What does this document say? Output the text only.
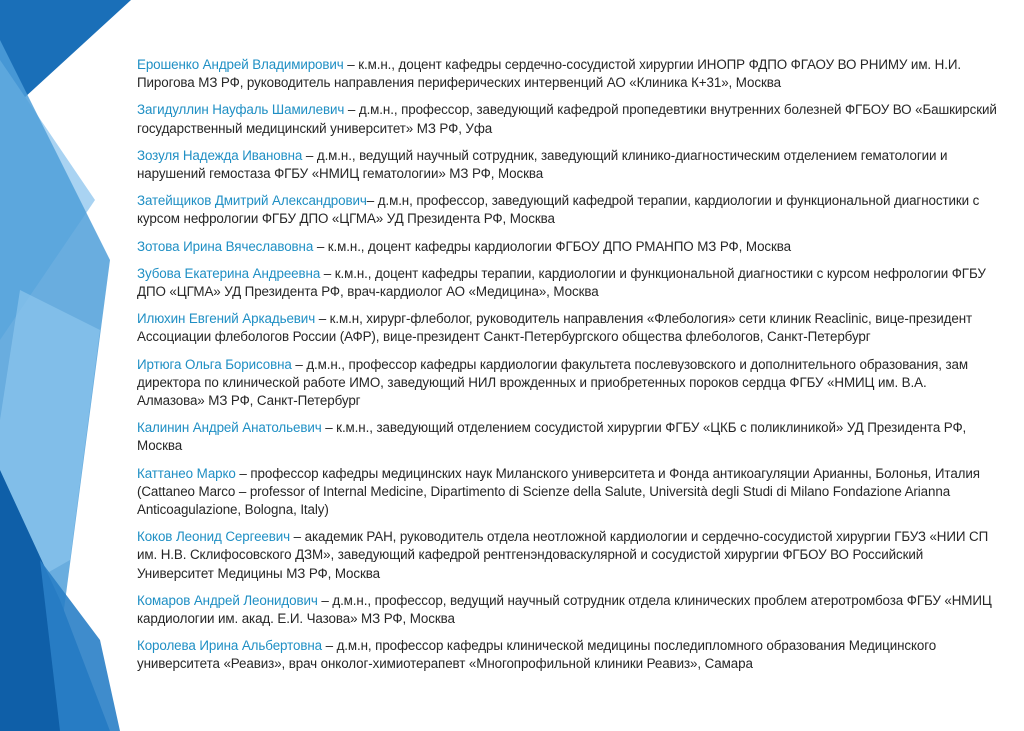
Ерошенко Андрей Владимирович – к.м.н., доцент кафедры сердечно-сосудистой хирургии ИНОПР ФДПО ФГАОУ ВО РНИМУ им. Н.И. Пирогова МЗ РФ, руководитель направления периферических интервенций АО «Клиника К+31», Москва

Загидуллин Науфаль Шамилевич – д.м.н., профессор, заведующий кафедрой пропедевтики внутренних болезней ФГБОУ ВО «Башкирский государственный медицинский университет» МЗ РФ, Уфа

Зозуля Надежда Ивановна – д.м.н., ведущий научный сотрудник, заведующий клинико-диагностическим отделением гематологии и нарушений гемостаза ФГБУ «НМИЦ гематологии» МЗ РФ, Москва

Затейщиков Дмитрий Александрович– д.м.н, профессор, заведующий кафедрой терапии, кардиологии и функциональной диагностики с курсом нефрологии ФГБУ ДПО «ЦГМА» УД Президента РФ, Москва

Зотова Ирина Вячеславовна – к.м.н., доцент кафедры кардиологии ФГБОУ ДПО РМАНПО МЗ РФ, Москва

Зубова Екатерина Андреевна – к.м.н., доцент кафедры терапии, кардиологии и функциональной диагностики с курсом нефрологии ФГБУ ДПО «ЦГМА» УД Президента РФ, врач-кардиолог АО «Медицина», Москва

Илюхин Евгений Аркадьевич – к.м.н, хирург-флеболог, руководитель направления «Флебология» сети клиник Reaclinic, вице-президент Ассоциации флебологов России (АФР), вице-президент Санкт-Петербургского общества флебологов, Санкт-Петербург

Иртюга Ольга Борисовна – д.м.н., профессор кафедры кардиологии факультета послевузовского и дополнительного образования, зам директора по клинической работе ИМО, заведующий НИЛ врожденных и приобретенных пороков сердца ФГБУ «НМИЦ им. В.А. Алмазова» МЗ РФ, Санкт-Петербург

Калинин Андрей Анатольевич – к.м.н., заведующий отделением сосудистой хирургии ФГБУ «ЦКБ с поликлиникой» УД Президента РФ, Москва

Каттанео Марко – профессор кафедры медицинских наук Миланского университета и Фонда антикоагуляции Арианны, Болонья, Италия (Cattaneo Marco – professor of Internal Medicine, Dipartimento di Scienze della Salute, Università degli Studi di Milano Fondazione Arianna Anticoagulazione, Bologna, Italy)

Коков Леонид Сергеевич – академик РАН, руководитель отдела неотложной кардиологии и сердечно-сосудистой хирургии ГБУЗ «НИИ СП им. Н.В. Склифосовского ДЗМ», заведующий кафедрой рентгенэндоваскулярной и сосудистой хирургии ФГБОУ ВО Российский Университет Медицины МЗ РФ, Москва

Комаров Андрей Леонидович – д.м.н., профессор, ведущий научный сотрудник отдела клинических проблем атеротромбоза ФГБУ «НМИЦ кардиологии им. акад. Е.И. Чазова» МЗ РФ, Москва

Королева Ирина Альбертовна – д.м.н, профессор кафедры клинической медицины последипломного образования Медицинского университета «Реавиз», врач онколог-химиотерапевт «Многопрофильной клиники Реавиз», Самара
